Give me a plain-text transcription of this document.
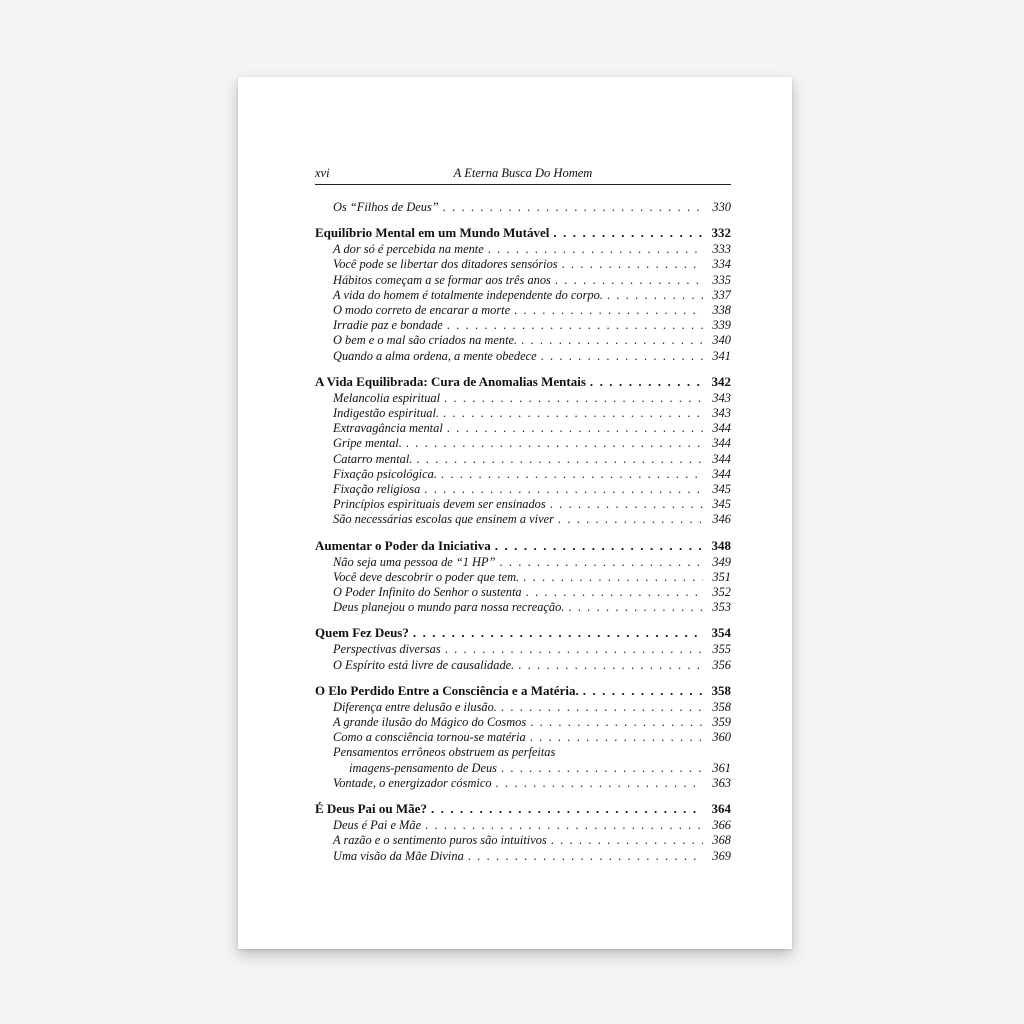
xvi	A Eterna Busca Do Homem
Os “Filhos de Deus” . . .	330
Equilíbrio Mental em um Mundo Mutável . . .	332
A dor só é percebida na mente . . .	333
Você pode se libertar dos ditadores sensórios . . .	334
Hábitos começam a se formar aos três anos . . .	335
A vida do homem é totalmente independente do corpo. . . .	337
O modo correto de encarar a morte . . .	338
Irradie paz e bondade . . .	339
O bem e o mal são criados na mente. . . .	340
Quando a alma ordena, a mente obedece . . .	341
A Vida Equilibrada: Cura de Anomalias Mentais . . .	342
Melancolia espiritual . . .	343
Indigestão espiritual. . . .	343
Extravagância mental . . .	344
Gripe mental. . . .	344
Catarro mental. . . .	344
Fixação psicológica. . . .	344
Fixação religiosa . . .	345
Princípios espirituais devem ser ensinados . . .	345
São necessárias escolas que ensinem a viver . . .	346
Aumentar o Poder da Iniciativa . . .	348
Não seja uma pessoa de “1 HP” . . .	349
Você deve descobrir o poder que tem. . . .	351
O Poder Infinito do Senhor o sustenta . . .	352
Deus planejou o mundo para nossa recreação. . . .	353
Quem Fez Deus? . . .	354
Perspectivas diversas . . .	355
O Espírito está livre de causalidade. . . .	356
O Elo Perdido Entre a Consciência e a Matéria. . . .	358
Diferença entre delusão e ilusão. . . .	358
A grande ilusão do Mágico do Cosmos . . .	359
Como a consciência tornou-se matéria . . .	360
Pensamentos errôneos obstruem as perfeitas
imagens-pensamento de Deus . . .	361
Vontade, o energizador cósmico . . .	363
É Deus Pai ou Mãe? . . .	364
Deus é Pai e Mãe . . .	366
A razão e o sentimento puros são intuitivos . . .	368
Uma visão da Mãe Divina . . .	369
